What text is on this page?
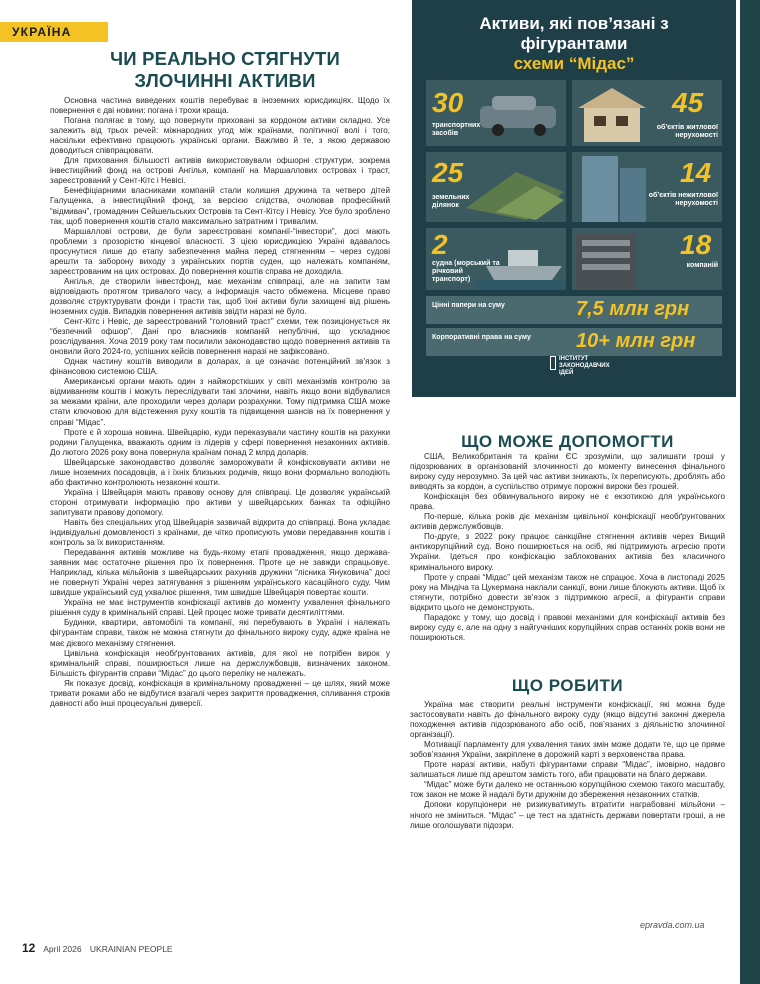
УКРАЇНА
ЧИ РЕАЛЬНО СТЯГНУТИ
ЗЛОЧИННІ АКТИВИ

Основна частина виведених коштів перебуває в іноземних юрисдикціях. Щодо їх повернення є дві новини: погана і трохи краща.

Погана полягає в тому, що повернути приховані за кордоном активи складно. Усе залежить від трьох речей: міжнародних угод між країнами, політичної волі і того, наскільки ефективно працюють українські органи. Важливо й те, з якою державою доводиться співпрацювати.

Для приховання більшості активів використовували офшорні структури, зокрема інвестиційний фонд на острові Ангілья, компанії на Маршаллових островах і траст, зареєстрований у Сент-Кітс і Невісі.

Бенефіціарними власниками компаній стали колишня дружина та четверо дітей Галущенка, а інвестиційний фонд, за версією слідства, очолював професійний “відмивач”, громадянин Сейшельських Островів та Сент-Кітсу і Невісу. Усе було зроблено так, щоб повернення коштів стало максимально затратним і тривалим.

Маршаллові острови, де були зареєстровані компанії-“інвестори”, досі мають проблеми з прозорістю кінцевої власності. З цією юрисдикцією Україні вдавалось просунутися лише до етапу забезпечення майна перед стягненням – через судові арешти та заборону виходу з українських портів суден, що належать компаніям, зареєстрованим на цих островах. До повернення коштів справа не доходила.

Ангілья, де створили інвестфонд, має механізм співпраці, але на запити там відповідають протягом тривалого часу, а інформація часто обмежена. Місцеве право дозволяє структурувати фонди і трасти так, щоб їхні активи були захищені від рішень іноземних судів. Випадків повернення активів звідти наразі не було.

Сент-Кітс і Невіс, де зареєстрований “головний траст” схеми, теж позиціонується як “безпечний офшор”. Дані про власників компаній непублічні, що ускладнює розслідування. Хоча 2019 року там посилили законодавство щодо повернення активів та оновили його 2024-го, успішних кейсів повернення наразі не зафіксовано.

Однак частину коштів виводили в доларах, а це означає потенційний зв’язок з фінансовою системою США.

Американські органи мають один з найжорсткіших у світі механізмів контролю за відмиванням коштів і можуть переслідувати такі злочини, навіть якщо вони відбувалися за межами країни, але проходили через долари розрахунки. Тому підтримка США може стати ключовою для відстеження руху коштів та підвищення шансів на їх повернення у справі “Мідас”.

Проте є й хороша новина. Швейцарію, куди переказували частину коштів на рахунки родини Галущенка, вважають одним із лідерів у сфері повернення незаконних активів. До лютого 2026 року вона повернула країнам понад 2 млрд доларів.

Швейцарське законодавство дозволяє заморожувати й конфісковувати активи не лише іноземних посадовців, а і їхніх близьких родичів, якщо вони формально володіють або фактично контролюють незаконні кошти.

Україна і Швейцарія мають правову основу для співпраці. Це дозволяє українській стороні отримувати інформацію про активи у швейцарських банках та офіційно запитувати правову допомогу.

Навіть без спеціальних угод Швейцарія зазвичай відкрита до співпраці. Вона укладає індивідуальні домовленості з країнами, де чітко прописують умови передавання коштів і контроль за їх використанням.

Передавання активів можливе на будь-якому етапі провадження, якщо держава-заявник має остаточне рішення про їх повернення. Проте це не завжди спрацьовує. Наприклад, кілька мільйонів з швейцарських рахунків дружини “лісника Януковича” досі не повернуті Україні через затягування з рішенням українського касаційного суду. Чим швидше український суд ухвалює рішення, тим швидше Швейцарія повертає кошти.

Україна не має інструментів конфіскації активів до моменту ухвалення фінального рішення суду в кримінальній справі. Цей процес може тривати десятиліттями.

Будинки, квартири, автомобілі та компанії, які перебувають в Україні і належать фігурантам справи, також не можна стягнути до фінального вироку суду, адже країна не має дієвого механізму стягнення.

Цивільна конфіскація необґрунтованих активів, для якої не потрібен вирок у кримінальній справі, поширюється лише на держслужбовців, визначених законом. Більшість фігурантів справи “Мідас” до цього переліку не належать.

Як показує досвід, конфіскація в кримінальному провадженні – це шлях, який може тривати роками або не відбутися взагалі через закриття провадження, спливання строків давності або інші процесуальні диверсії.

Активи, які пов’язані з
фігурантами
схеми “Мідас”
30
транспортних засобів
45
об’єктів житлової нерухомості
25
земельних ділянок
14
об’єктів нежитлової нерухомості
2
судна (морський та річковий транспорт)
18
компаній
Цінні папери на суму	7,5 млн грн
Корпоративні права на суму 10+ млн грн
ІНСТИТУТ ЗАКОНОДАВЧИХ ІДЕЙ
ЩО МОЖЕ ДОПОМОГТИ

США, Великобританія та країни ЄС зрозуміли, що залишати гроші у підозрюваних в організованій злочинності до моменту винесення фінального вироку суду нерозумно. За цей час активи зникають, їх переписують, дроблять або виводять за кордон, а суспільство отримує порожні вироки без грошей.

Конфіскація без обвинувального вироку не є екзотикою для українського права.

По-перше, кілька років діє механізм цивільної конфіскації необґрунтованих активів держслужбовців.

По-друге, з 2022 року працює санкційне стягнення активів через Вищий антикорупційний суд. Воно поширюється на осіб, які підтримують агресію проти України. Ідеться про конфіскацію заблокованих активів без класичного кримінального вироку.

Проте у справі “Мідас” цей механізм також не спрацює. Хоча в листопаді 2025 року на Міндіча та Цукермана наклали санкції, вони лише блокують активи. Щоб їх стягнути, потрібно довести зв’язок з підтримкою агресії, а фігуранти справи відкрито цього не демонструють.

Парадокс у тому, що досвід і правові механізми для конфіскації активів без вироку суду є, але на одну з найгучніших корупційних справ останніх років вони не поширюються.

ЩО РОБИТИ

Україна має створити реальні інструменти конфіскації, які можна буде застосовувати навіть до фінального вироку суду (якщо відсутні законні джерела походження активів підозрюваного або осіб, пов’язаних з діяльністю злочинної організації).

Мотивації парламенту для ухвалення таких змін може додати те, що це пряме зобов’язання України, закріплене в дорожній карті з верховенства права.

Проте наразі активи, набуті фігурантами справи “Мідас”, імовірно, надовго залишаться лише під арештом замість того, аби працювати на благо держави.

“Мідас” може бути далеко не останньою корупційною схемою такого масштабу, тож закон не може й надалі бути дружнім до збереження незаконних статків.

Допоки корупціонери не ризикуватимуть втратити награбовані мільйони – нічого не зміниться. “Мідас” – це тест на здатність держави повертати гроші, а не лише оголошувати підозри.

epravda.com.ua
12 April 2026 UKRAINIAN PEOPLE
